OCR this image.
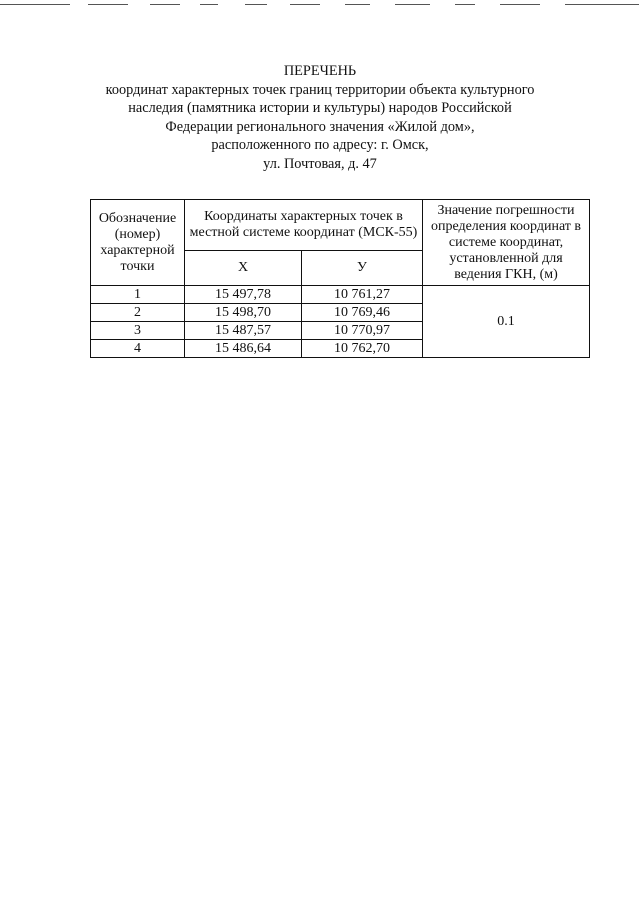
ПЕРЕЧЕНЬ
координат характерных точек границ территории объекта культурного
наследия (памятника истории и культуры) народов Российской
Федерации регионального значения «Жилой дом»,
расположенного по адресу: г. Омск,
ул. Почтовая, д. 47
Обозначение (номер) характерной точки	Координаты характерных точек в местной системе координат (МСК-55)		Значение погрешности определения координат в системе координат, установленной для ведения ГКН, (м)
	Х	У	
1	15 497,78	10 761,27	0.1
2	15 498,70	10 769,46	
3	15 487,57	10 770,97	
4	15 486,64	10 762,70	
